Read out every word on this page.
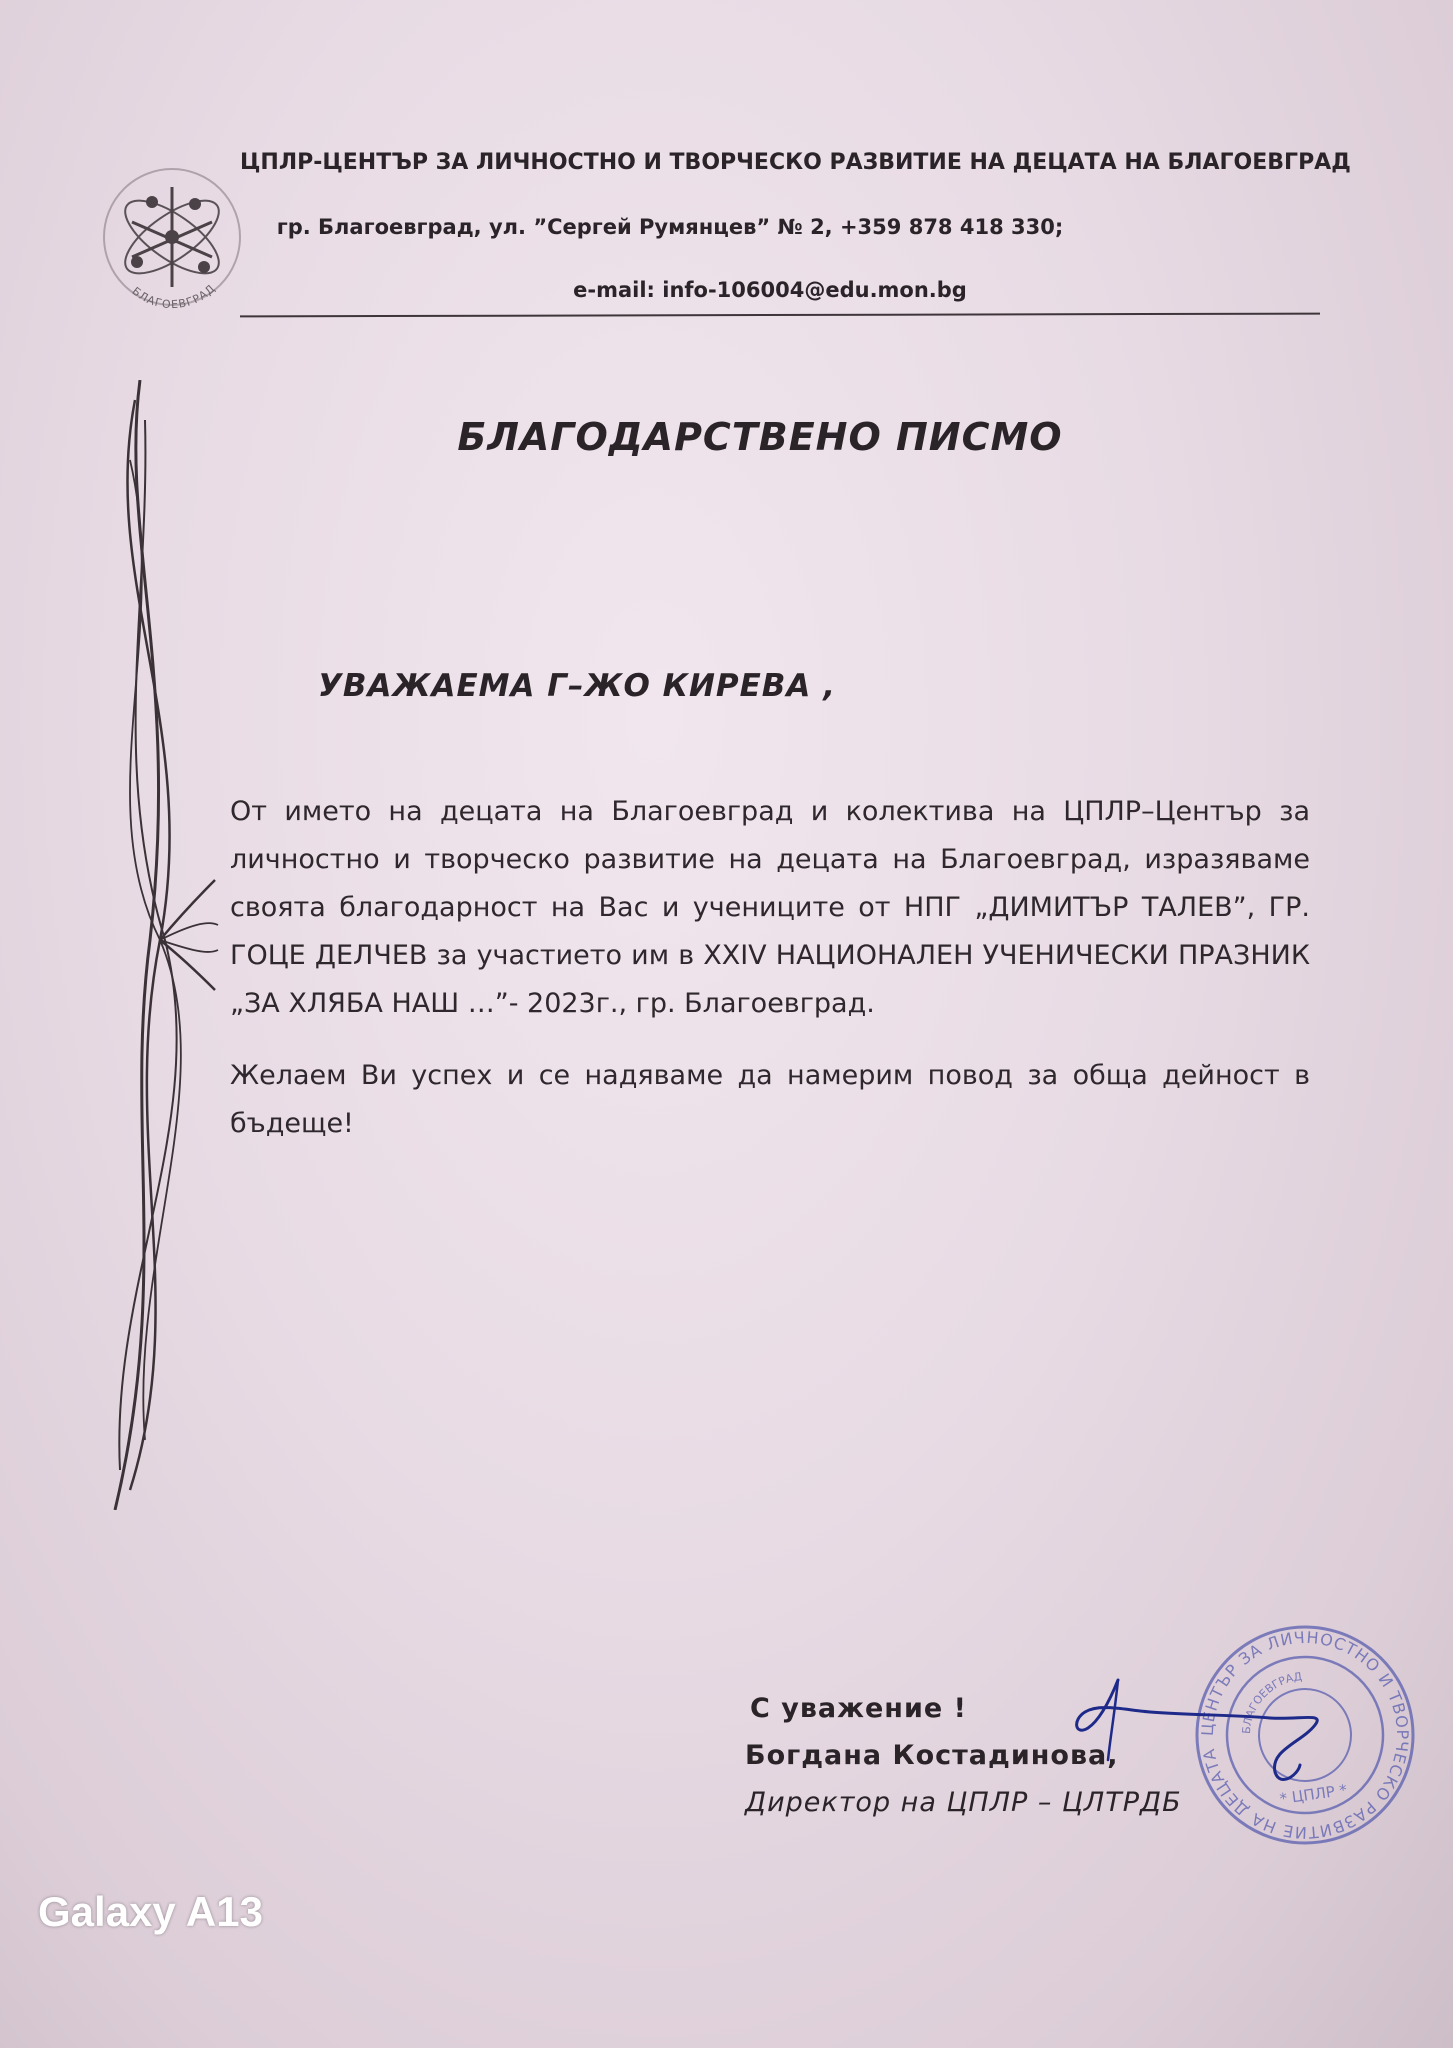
БЛАГОЕВГРАД
ЦПЛР-ЦЕНТЪР ЗА ЛИЧНОСТНО И ТВОРЧЕСКО РАЗВИТИЕ НА ДЕЦАТА НА БЛАГОЕВГРАД
гр. Благоевград, ул. ”Сергей Румянцев” № 2, +359 878 418 330;
e-mail: info-106004@edu.mon.bg
БЛАГОДАРСТВЕНО ПИСМО
УВАЖАЕМА Г–ЖО КИРЕВА ,

От името на децата на Благоевград и колектива на ЦПЛР–Център за личностно и творческо развитие на децата на Благоевград, изразяваме своята благодарност на Вас и учениците от НПГ „ДИМИТЪР ТАЛЕВ”, ГР. ГОЦЕ ДЕЛЧЕВ за участието им в XXIV НАЦИОНАЛЕН УЧЕНИЧЕСКИ ПРАЗНИК „ЗА ХЛЯБА НАШ …”- 2023г., гр. Благоевград.

Желаем Ви успех и се надяваме да намерим повод за обща дейност в бъдеще!

С уважение !
Богдана Костадинова,
Директор на ЦПЛР – ЦЛТРДБ
ЦЕНТЪР ЗА ЛИЧНОСТНО И ТВОРЧЕСКО РАЗВИТИЕ НА ДЕЦАТА
БЛАГОЕВГРАД
* ЦПЛР *
Galaxy A13
